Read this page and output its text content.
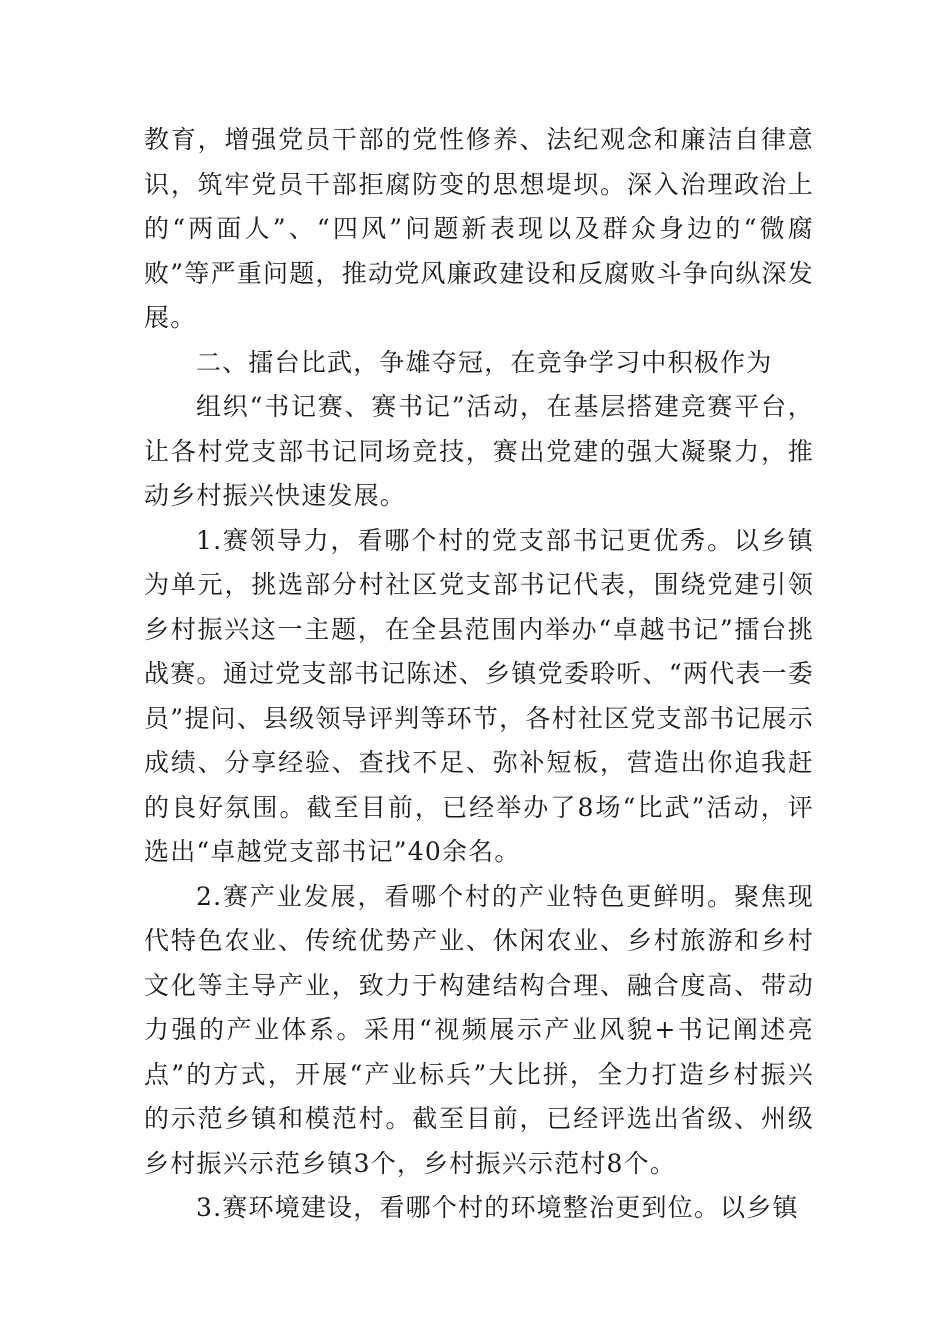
教育，增强党员干部的党性修养、法纪观念和廉洁自律意识，筑牢党员干部拒腐防变的思想堤坝。深入治理政治上的“两面人”、“四风”问题新表现以及群众身边的“微腐败”等严重问题，推动党风廉政建设和反腐败斗争向纵深发展。

二、擂台比武，争雄夺冠，在竞争学习中积极作为

组织“书记赛、赛书记”活动，在基层搭建竞赛平台，让各村党支部书记同场竞技，赛出党建的强大凝聚力，推动乡村振兴快速发展。

1.赛领导力，看哪个村的党支部书记更优秀。以乡镇为单元，挑选部分村社区党支部书记代表，围绕党建引领乡村振兴这一主题，在全县范围内举办“卓越书记”擂台挑战赛。通过党支部书记陈述、乡镇党委聆听、“两代表一委员”提问、县级领导评判等环节，各村社区党支部书记展示成绩、分享经验、查找不足、弥补短板，营造出你追我赶的良好氛围。截至目前，已经举办了8场“比武”活动，评选出“卓越党支部书记”40余名。

2.赛产业发展，看哪个村的产业特色更鲜明。聚焦现代特色农业、传统优势产业、休闲农业、乡村旅游和乡村文化等主导产业，致力于构建结构合理、融合度高、带动力强的产业体系。采用“视频展示产业风貌+书记阐述亮点”的方式，开展“产业标兵”大比拼，全力打造乡村振兴的示范乡镇和模范村。截至目前，已经评选出省级、州级乡村振兴示范乡镇3个，乡村振兴示范村8个。

3.赛环境建设，看哪个村的环境整治更到位。以乡镇
